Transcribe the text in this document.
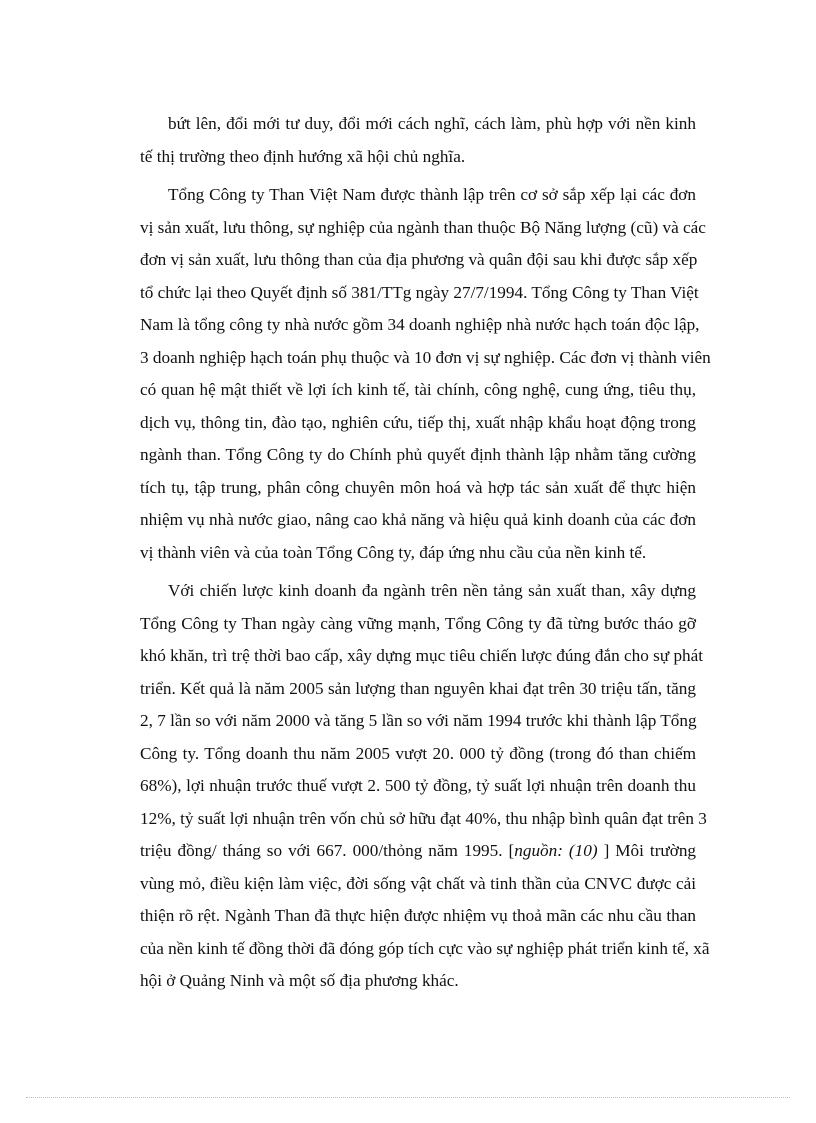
bứt lên, đổi mới tư duy, đổi mới cách nghĩ, cách làm, phù hợp với nền kinh
tế thị trường theo định hướng xã hội chủ nghĩa.

Tổng Công ty Than Việt Nam được thành lập trên cơ sở sắp xếp lại các đơn
vị sản xuất, lưu thông, sự nghiệp của ngành than thuộc Bộ Năng lượng (cũ) và các
đơn vị sản xuất, lưu thông than của địa phương và quân đội sau khi được sắp xếp
tổ chức lại theo Quyết định số 381/TTg ngày 27/7/1994. Tổng Công ty Than Việt
Nam là tổng công ty nhà nước gồm 34 doanh nghiệp nhà nước hạch toán độc lập,
3 doanh nghiệp hạch toán phụ thuộc và 10 đơn vị sự nghiệp. Các đơn vị thành viên
có quan hệ mật thiết về lợi ích kinh tế, tài chính, công nghệ, cung ứng, tiêu thụ,
dịch vụ, thông tin, đào tạo, nghiên cứu, tiếp thị, xuất nhập khẩu hoạt động trong
ngành than. Tổng Công ty do Chính phủ quyết định thành lập nhằm tăng cường
tích tụ, tập trung, phân công chuyên môn hoá và hợp tác sản xuất để thực hiện
nhiệm vụ nhà nước giao, nâng cao khả năng và hiệu quả kinh doanh của các đơn
vị thành viên và của toàn Tổng Công ty, đáp ứng nhu cầu của nền kinh tế.

Với chiến lược kinh doanh đa ngành trên nền tảng sản xuất than, xây dựng
Tổng Công ty Than ngày càng vững mạnh, Tổng Công ty đã từng bước tháo gỡ
khó khăn, trì trệ thời bao cấp, xây dựng mục tiêu chiến lược đúng đắn cho sự phát
triển. Kết quả là năm 2005 sản lượng than nguyên khai đạt trên 30 triệu tấn, tăng
2, 7 lần so với năm 2000 và tăng 5 lần so với năm 1994 trước khi thành lập Tổng
Công ty. Tổng doanh thu năm 2005 vượt 20. 000 tỷ đồng (trong đó than chiếm
68%), lợi nhuận trước thuế vượt 2. 500 tỷ đồng, tỷ suất lợi nhuận trên doanh thu
12%, tỷ suất lợi nhuận trên vốn chủ sở hữu đạt 40%, thu nhập bình quân đạt trên 3
triệu đồng/ tháng so với 667. 000/thỏng năm 1995. [nguồn: (10) ] Môi trường
vùng mỏ, điều kiện làm việc, đời sống vật chất và tinh thần của CNVC được cải
thiện rõ rệt. Ngành Than đã thực hiện được nhiệm vụ thoả mãn các nhu cầu than
của nền kinh tế đồng thời đã đóng góp tích cực vào sự nghiệp phát triển kinh tế, xã
hội ở Quảng Ninh và một số địa phương khác.
